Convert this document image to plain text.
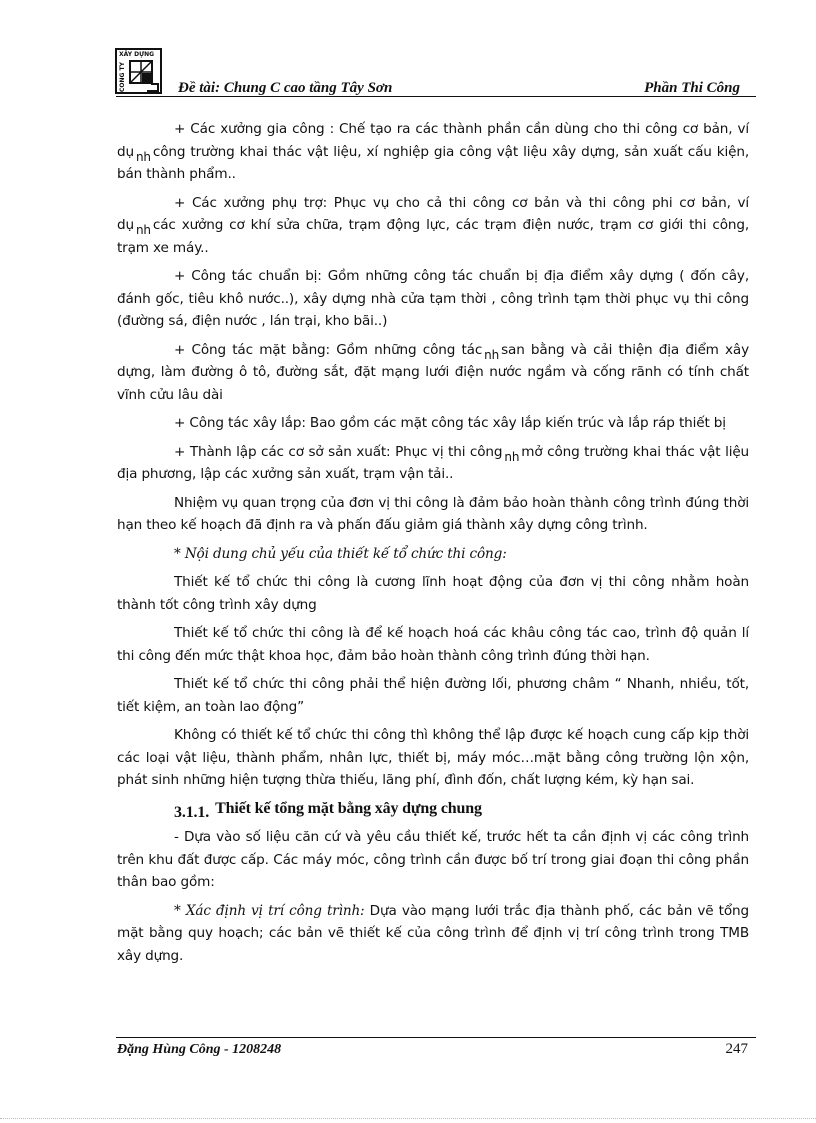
XÂY DỰNG
CÔNG TY	Đề tài: Chung C cao tầng Tây Sơn	Phần Thi Công

+ Các xưởng gia công : Chế tạo ra các thành phần cần dùng cho thi công cơ bản, ví dụ nh công trường khai thác vật liệu, xí nghiệp gia công vật liệu xây dựng, sản xuất cấu kiện, bán thành phẩm..

+ Các xưởng phụ trợ: Phục vụ cho cả thi công cơ bản và thi công phi cơ bản, ví dụ nh các xưởng cơ khí sửa chữa, trạm động lực, các trạm điện nước, trạm cơ giới thi công, trạm xe máy..

+ Công tác chuẩn bị: Gồm những công tác chuẩn bị địa điểm xây dựng ( đốn cây, đánh gốc, tiêu khô nước..), xây dựng nhà cửa tạm thời , công trình tạm thời phục vụ thi công (đường sá, điện nước , lán trại, kho bãi..)

+ Công tác mặt bằng: Gồm những công tác nh san bằng và cải thiện địa điểm xây dựng, làm đường ô tô, đường sắt, đặt mạng lưới điện nước ngầm và cống rãnh có tính chất vĩnh cửu lâu dài

+ Công tác xây lắp: Bao gồm các mặt công tác xây lắp kiến trúc và lắp ráp thiết bị

+ Thành lập các cơ sở sản xuất: Phục vị thi công nh mở công trường khai thác vật liệu địa phương, lập các xưởng sản xuất, trạm vận tải..

Nhiệm vụ quan trọng của đơn vị thi công là đảm bảo hoàn thành công trình đúng thời hạn theo kế hoạch đã định ra và phấn đấu giảm giá thành xây dựng công trình.

* Nội dung chủ yếu của thiết kế tổ chức thi công:

Thiết kế tổ chức thi công là cương lĩnh hoạt động của đơn vị thi công nhằm hoàn thành tốt công trình xây dựng

Thiết kế tổ chức thi công là để kế hoạch hoá các khâu công tác cao, trình độ quản lí thi công đến mức thật khoa học, đảm bảo hoàn thành công trình đúng thời hạn.

Thiết kế tổ chức thi công phải thể hiện đường lối, phương châm “ Nhanh, nhiều, tốt, tiết kiệm, an toàn lao động”

Không có thiết kế tổ chức thi công thì không thể lập được kế hoạch cung cấp kịp thời các loại vật liệu, thành phẩm, nhân lực, thiết bị, máy móc…mặt bằng công trường lộn xộn, phát sinh những hiện tượng thừa thiếu, lãng phí, đình đốn, chất lượng kém, kỳ hạn sai.

3.1.1. Thiết kế tổng mặt bằng xây dựng chung

- Dựa vào số liệu căn cứ và yêu cầu thiết kế, trước hết ta cần định vị các công trình trên khu đất được cấp. Các máy móc, công trình cần được bố trí trong giai đoạn thi công phần thân bao gồm:

* Xác định vị trí công trình: Dựa vào mạng lưới trắc địa thành phố, các bản vẽ tổng mặt bằng quy hoạch; các bản vẽ thiết kế của công trình để định vị trí công trình trong TMB xây dựng.

Đặng Hùng Công - 1208248	247
